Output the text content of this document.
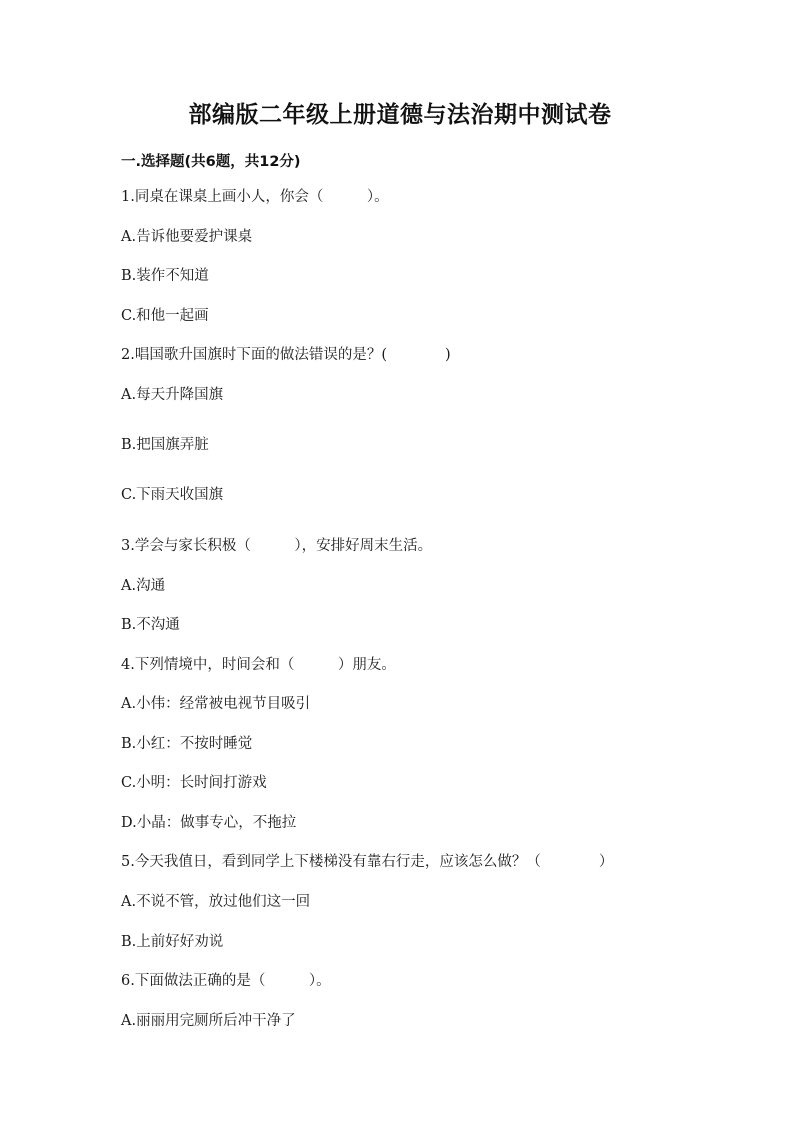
部编版二年级上册道德与法治期中测试卷
一.选择题(共6题，共12分)
1.同桌在课桌上画小人，你会（　　　）。
A.告诉他要爱护课桌
B.装作不知道
C.和他一起画
2.唱国歌升国旗时下面的做法错误的是？(　　　　)
A.每天升降国旗
B.把国旗弄脏
C.下雨天收国旗
3.学会与家长积极（　　　），安排好周末生活。
A.沟通
B.不沟通
4.下列情境中，时间会和（　　　）朋友。
A.小伟：经常被电视节目吸引
B.小红：不按时睡觉
C.小明：长时间打游戏
D.小晶：做事专心，不拖拉
5.今天我值日，看到同学上下楼梯没有靠右行走，应该怎么做？（　　　　）
A.不说不管，放过他们这一回
B.上前好好劝说
6.下面做法正确的是（　　　）。
A.丽丽用完厕所后冲干净了
